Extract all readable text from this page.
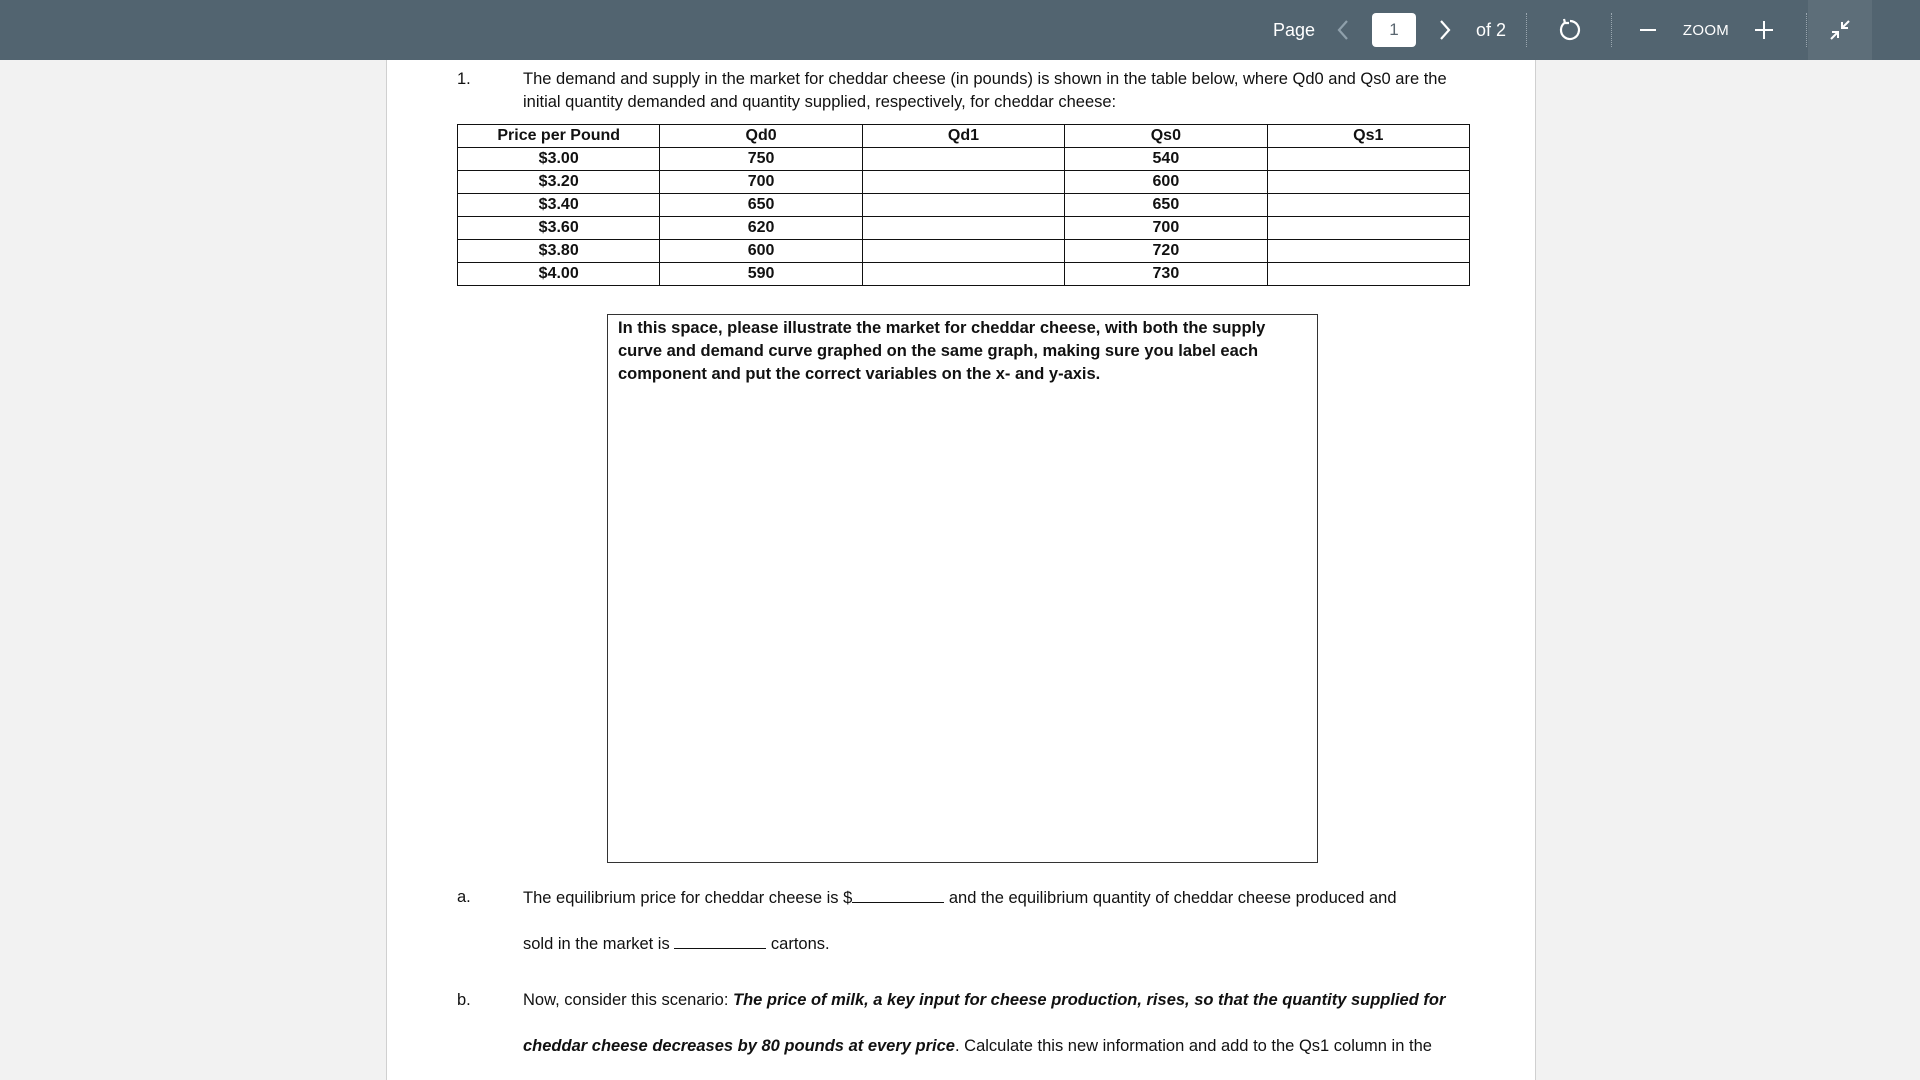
Page
1	of 2	ZOOM
1.	The demand and supply in the market for cheddar cheese (in pounds) is shown in the table below, where Qd0 and Qs0 are the initial quantity demanded and quantity supplied, respectively, for cheddar cheese:
Price per Pound	Qd0	Qd1	Qs0	Qs1
$3.00	750		540	
$3.20	700		600	
$3.40	650		650	
$3.60	620		700	
$3.80	600		720	
$4.00	590		730	
In this space, please illustrate the market for cheddar cheese, with both the supply curve and demand curve graphed on the same graph, making sure you label each component and put the correct variables on the x- and y-axis.
a.	The equilibrium price for cheddar cheese is $	and the equilibrium quantity of cheddar cheese produced and
sold in the market is	cartons.
b.	Now, consider this scenario: The price of milk, a key input for cheese production, rises, so that the quantity supplied for
cheddar cheese decreases by 80 pounds at every price. Calculate this new information and add to the Qs1 column in the
